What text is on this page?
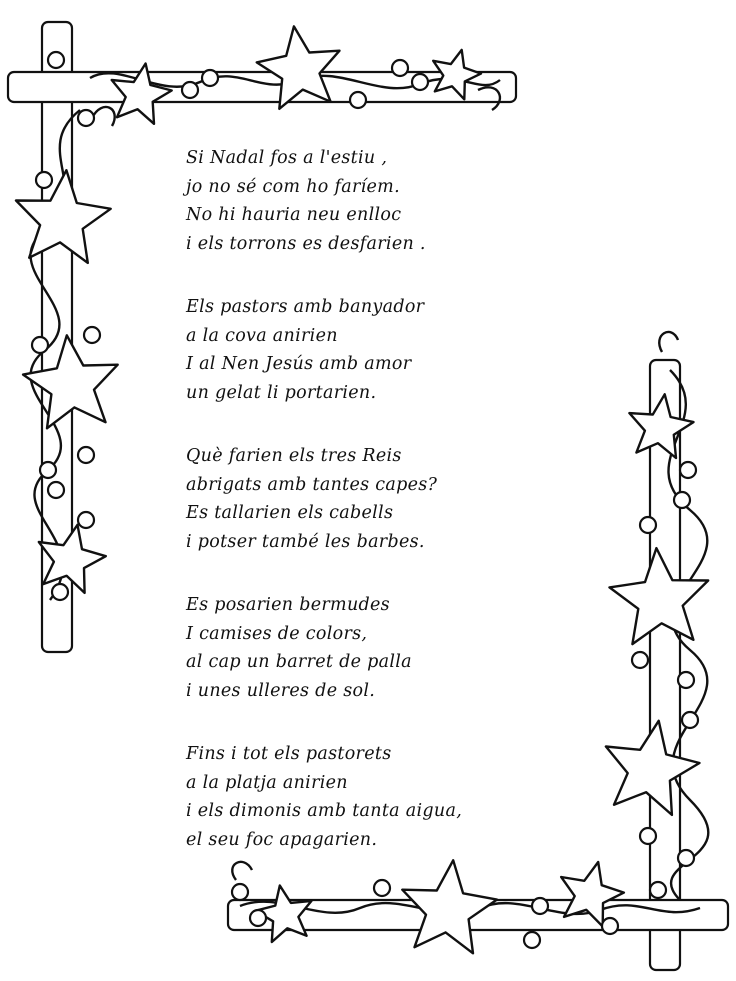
Si Nadal fos a l'estiu ,
jo no sé com ho faríem.
No hi hauria neu enlloc
i els torrons es desfarien .
Els pastors amb banyador
a la cova anirien
I al Nen Jesús amb amor
un gelat li portarien.
Què farien els tres Reis
abrigats amb tantes capes?
Es tallarien els cabells
i potser també les barbes.
Es posarien bermudes
I camises de colors,
al cap un barret de palla
i unes ulleres de sol.
Fins i tot els pastorets
a la platja anirien
i els dimonis amb tanta aigua,
el seu foc apagarien.
